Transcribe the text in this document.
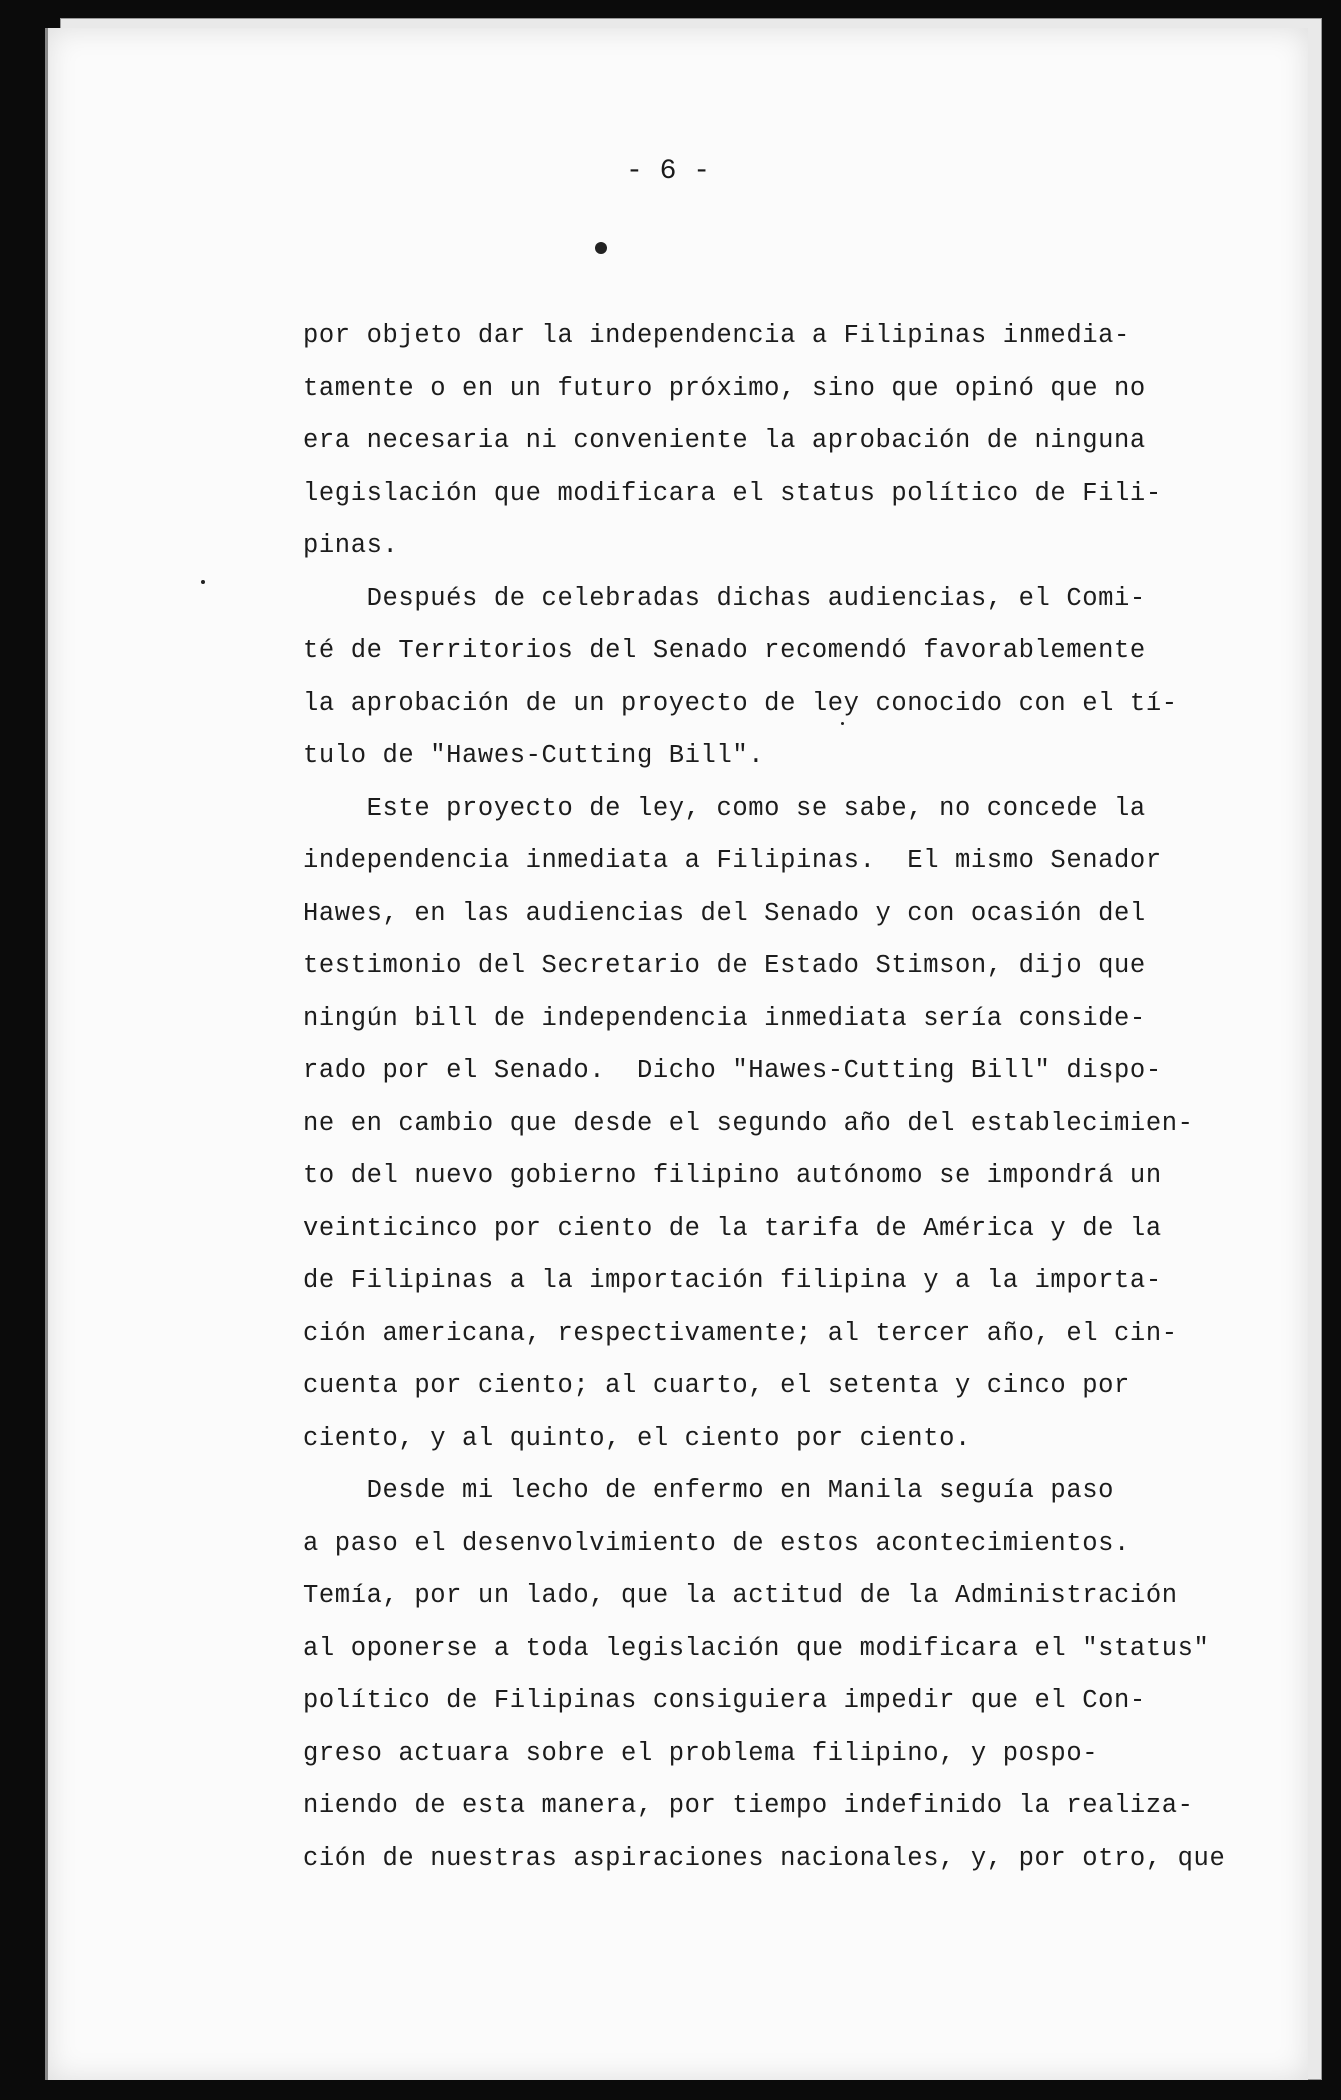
- 6 -
por objeto dar la independencia a Filipinas inmedia-
tamente o en un futuro próximo, sino que opinó que no
era necesaria ni conveniente la aprobación de ninguna
legislación que modificara el status político de Fili-
pinas.
Después de celebradas dichas audiencias, el Comi-
té de Territorios del Senado recomendó favorablemente
la aprobación de un proyecto de ley conocido con el tí-
tulo de "Hawes-Cutting Bill".
Este proyecto de ley, como se sabe, no concede la
independencia inmediata a Filipinas.  El mismo Senador
Hawes, en las audiencias del Senado y con ocasión del
testimonio del Secretario de Estado Stimson, dijo que
ningún bill de independencia inmediata sería conside-
rado por el Senado.  Dicho "Hawes-Cutting Bill" dispo-
ne en cambio que desde el segundo año del establecimien-
to del nuevo gobierno filipino autónomo se impondrá un
veinticinco por ciento de la tarifa de América y de la
de Filipinas a la importación filipina y a la importa-
ción americana, respectivamente; al tercer año, el cin-
cuenta por ciento; al cuarto, el setenta y cinco por
ciento, y al quinto, el ciento por ciento.
Desde mi lecho de enfermo en Manila seguía paso
a paso el desenvolvimiento de estos acontecimientos.
Temía, por un lado, que la actitud de la Administración
al oponerse a toda legislación que modificara el "status"
político de Filipinas consiguiera impedir que el Con-
greso actuara sobre el problema filipino, y pospo-
niendo de esta manera, por tiempo indefinido la realiza-
ción de nuestras aspiraciones nacionales, y, por otro, que
